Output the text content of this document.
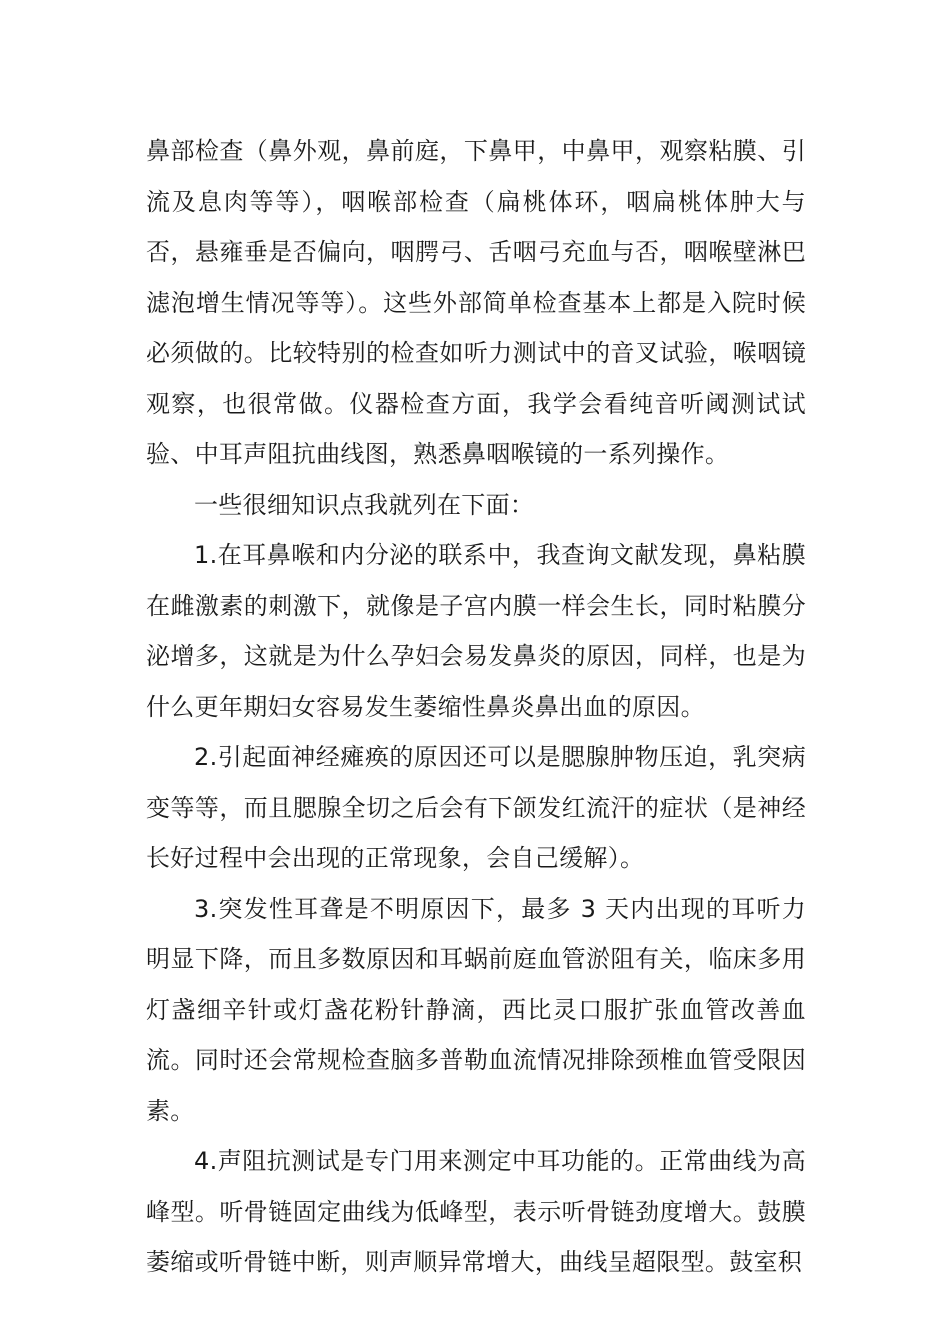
鼻部检查（鼻外观，鼻前庭，下鼻甲，中鼻甲，观察粘膜、引流及息肉等等），咽喉部检查（扁桃体环，咽扁桃体肿大与否，悬雍垂是否偏向，咽腭弓、舌咽弓充血与否，咽喉壁淋巴滤泡增生情况等等）。这些外部简单检查基本上都是入院时候必须做的。比较特别的检查如听力测试中的音叉试验，喉咽镜观察，也很常做。仪器检查方面，我学会看纯音听阈测试试验、中耳声阻抗曲线图，熟悉鼻咽喉镜的一系列操作。

一些很细知识点我就列在下面：

1.在耳鼻喉和内分泌的联系中，我查询文献发现，鼻粘膜在雌激素的刺激下，就像是子宫内膜一样会生长，同时粘膜分泌增多，这就是为什么孕妇会易发鼻炎的原因，同样，也是为什么更年期妇女容易发生萎缩性鼻炎鼻出血的原因。

2.引起面神经瘫痪的原因还可以是腮腺肿物压迫，乳突病变等等，而且腮腺全切之后会有下颌发红流汗的症状（是神经长好过程中会出现的正常现象，会自己缓解）。

3.突发性耳聋是不明原因下，最多 3 天内出现的耳听力明显下降，而且多数原因和耳蜗前庭血管淤阻有关，临床多用灯盏细辛针或灯盏花粉针静滴，西比灵口服扩张血管改善血流。同时还会常规检查脑多普勒血流情况排除颈椎血管受限因素。

4.声阻抗测试是专门用来测定中耳功能的。正常曲线为高峰型。听骨链固定曲线为低峰型，表示听骨链劲度增大。鼓膜萎缩或听骨链中断，则声顺异常增大，曲线呈超限型。鼓室积
